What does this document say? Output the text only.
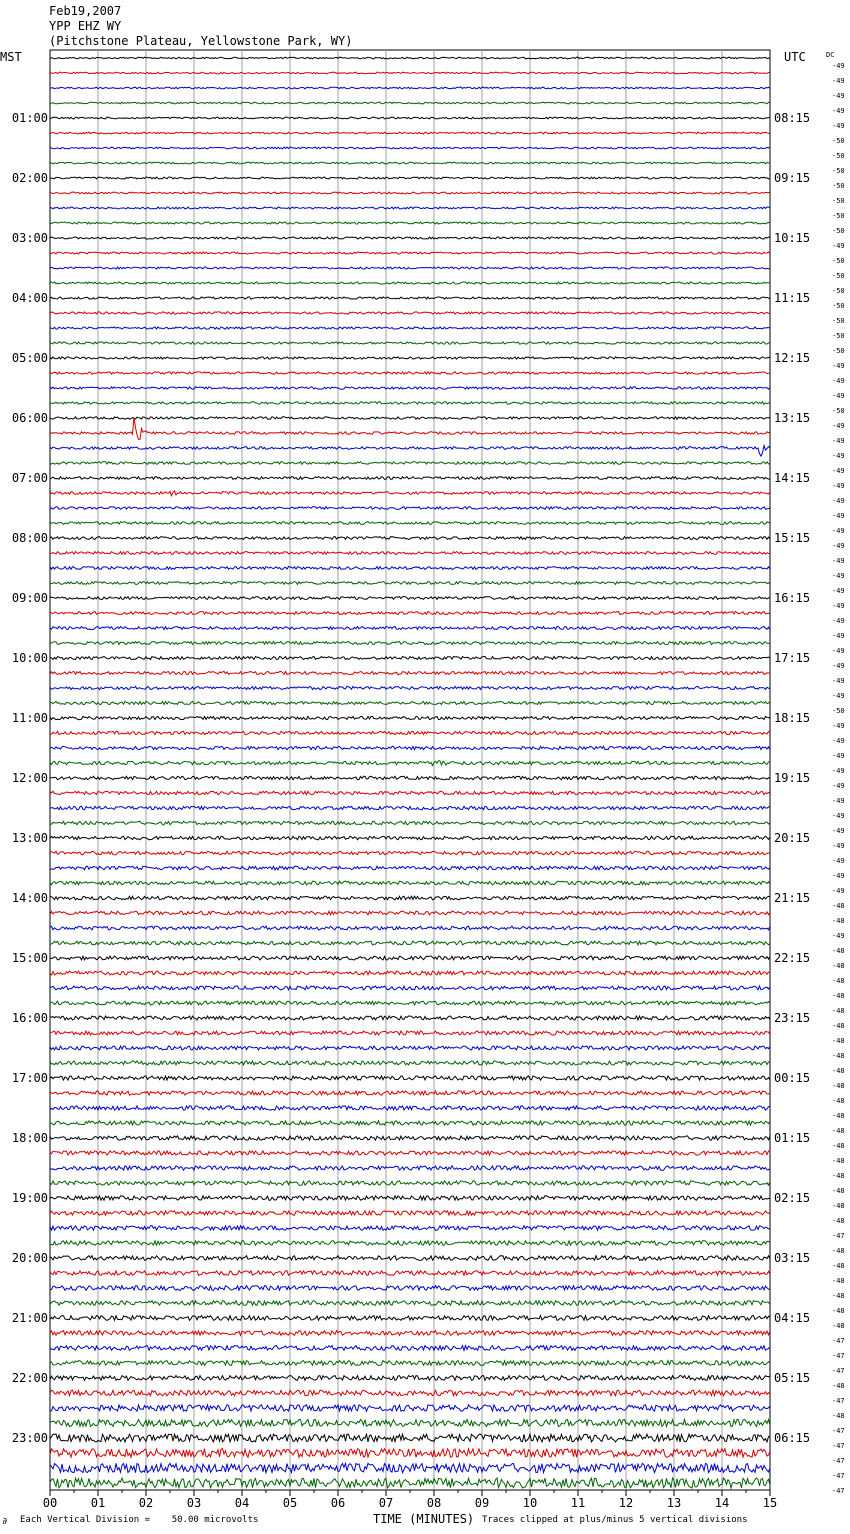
Feb19,2007
YPP EHZ WY
(Pitchstone Plateau, Yellowstone Park, WY)
MST	UTC	DC
00	01	02	03	04	05	06	07	08	09	10	11	12	13	14	15
-49
-49
-49
-49
-49
-50
-50
-50
-50
-50
-50
-50
-49
-50
-50
-50
-50
-50
-50
-50
-49
-49
-49
-50
-49
-49
-49
-49
-49
-49
-49
-49
-49
-49
-49
-49
-49
-49
-49
-49
-49
-49
-49
-50
-49
-49
-49
-49
-49
-49
-49
-49
-49
-49
-49
-49
-48
-48
-49
-48
-48
-48
-48
-48
-48
-48
-48
-48
-48
-48
-48
-48
-48
-48
-48
-48
-48
-48
-47
-48
-48
-48
-48
-48
-48
-47
-47
-47
-48
-47
-48
-47
-47
-47
-47
-47
01:00
02:00
03:00
04:00
05:00
06:00
07:00
08:00
09:00
10:00
11:00
12:00
13:00
14:00
15:00
16:00
17:00
18:00
19:00
20:00
21:00
22:00
23:00
08:15
09:15
10:15
11:15
12:15
13:15
14:15
15:15
16:15
17:15
18:15
19:15
20:15
21:15
22:15
23:15
00:15
01:15
02:15
03:15
04:15
05:15
06:15
∂ Each Vertical Division =    50.00 microvolts	TIME (MINUTES) Traces clipped at plus/minus 5 vertical divisions
